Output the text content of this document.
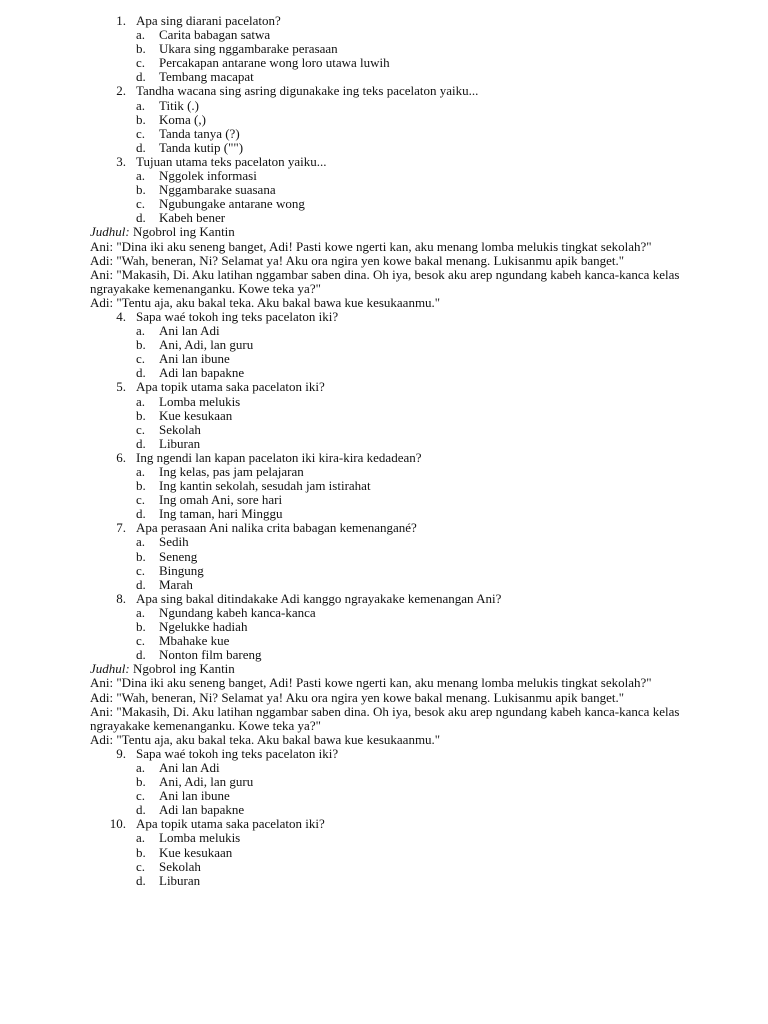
1. Apa sing diarani pacelaton?
a. Carita babagan satwa
b. Ukara sing nggambarake perasaan
c. Percakapan antarane wong loro utawa luwih
d. Tembang macapat
2. Tandha wacana sing asring digunakake ing teks pacelaton yaiku...
a. Titik (.)
b. Koma (,)
c. Tanda tanya (?)
d. Tanda kutip ("")
3. Tujuan utama teks pacelaton yaiku...
a. Nggolek informasi
b. Nggambarake suasana
c. Ngubungake antarane wong
d. Kabeh bener
Judhul: Ngobrol ing Kantin
Ani: "Dina iki aku seneng banget, Adi! Pasti kowe ngerti kan, aku menang lomba melukis tingkat sekolah?"
Adi: "Wah, beneran, Ni? Selamat ya! Aku ora ngira yen kowe bakal menang. Lukisanmu apik banget."
Ani: "Makasih, Di. Aku latihan nggambar saben dina. Oh iya, besok aku arep ngundang kabeh kanca-kanca kelas ngrayakake kemenanganku. Kowe teka ya?"
Adi: "Tentu aja, aku bakal teka. Aku bakal bawa kue kesukaanmu."
4. Sapa waé tokoh ing teks pacelaton iki?
a. Ani lan Adi
b. Ani, Adi, lan guru
c. Ani lan ibune
d. Adi lan bapakne
5. Apa topik utama saka pacelaton iki?
a. Lomba melukis
b. Kue kesukaan
c. Sekolah
d. Liburan
6. Ing ngendi lan kapan pacelaton iki kira-kira kedadean?
a. Ing kelas, pas jam pelajaran
b. Ing kantin sekolah, sesudah jam istirahat
c. Ing omah Ani, sore hari
d. Ing taman, hari Minggu
7. Apa perasaan Ani nalika crita babagan kemenangané?
a. Sedih
b. Seneng
c. Bingung
d. Marah
8. Apa sing bakal ditindakake Adi kanggo ngrayakake kemenangan Ani?
a. Ngundang kabeh kanca-kanca
b. Ngelukke hadiah
c. Mbahake kue
d. Nonton film bareng
Judhul: Ngobrol ing Kantin
Ani: "Dina iki aku seneng banget, Adi! Pasti kowe ngerti kan, aku menang lomba melukis tingkat sekolah?"
Adi: "Wah, beneran, Ni? Selamat ya! Aku ora ngira yen kowe bakal menang. Lukisanmu apik banget."
Ani: "Makasih, Di. Aku latihan nggambar saben dina. Oh iya, besok aku arep ngundang kabeh kanca-kanca kelas ngrayakake kemenanganku. Kowe teka ya?"
Adi: "Tentu aja, aku bakal teka. Aku bakal bawa kue kesukaanmu."
9. Sapa waé tokoh ing teks pacelaton iki?
a. Ani lan Adi
b. Ani, Adi, lan guru
c. Ani lan ibune
d. Adi lan bapakne
10. Apa topik utama saka pacelaton iki?
a. Lomba melukis
b. Kue kesukaan
c. Sekolah
d. Liburan
